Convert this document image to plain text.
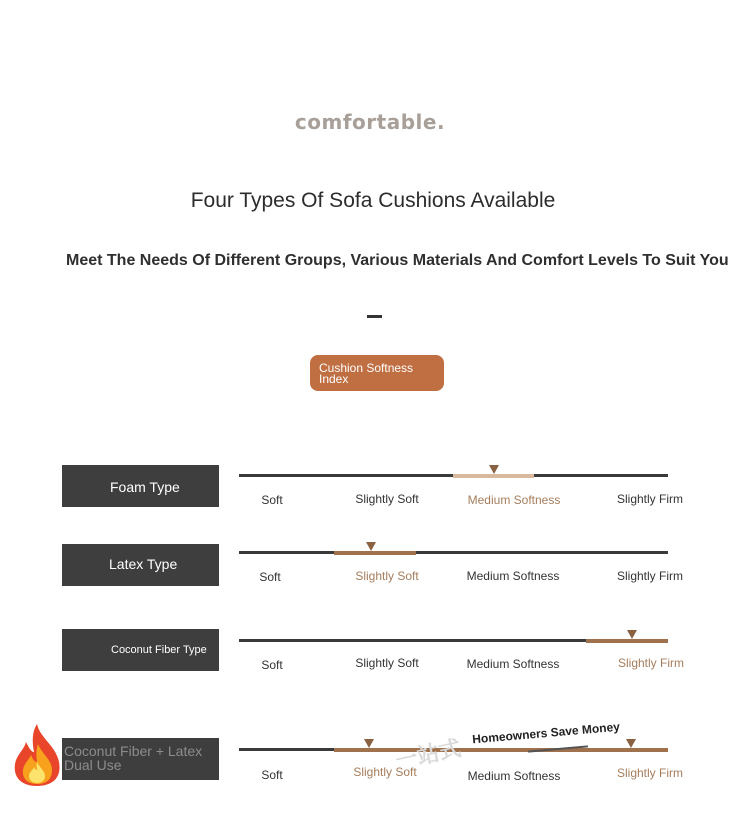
comfortable.
Four Types Of Sofa Cushions Available
Meet The Needs Of Different Groups, Various Materials And Comfort Levels To Suit You
Cushion Softness Index
Foam Type
Soft	Slightly Soft	Medium Softness	Slightly Firm
Latex Type
Soft	Slightly Soft	Medium Softness	Slightly Firm
Coconut Fiber Type
Soft	Slightly Soft	Medium Softness	Slightly Firm
Coconut Fiber + Latex Dual Use
Soft	Slightly Soft	Medium Softness	Slightly Firm
一站式
Homeowners Save Money
